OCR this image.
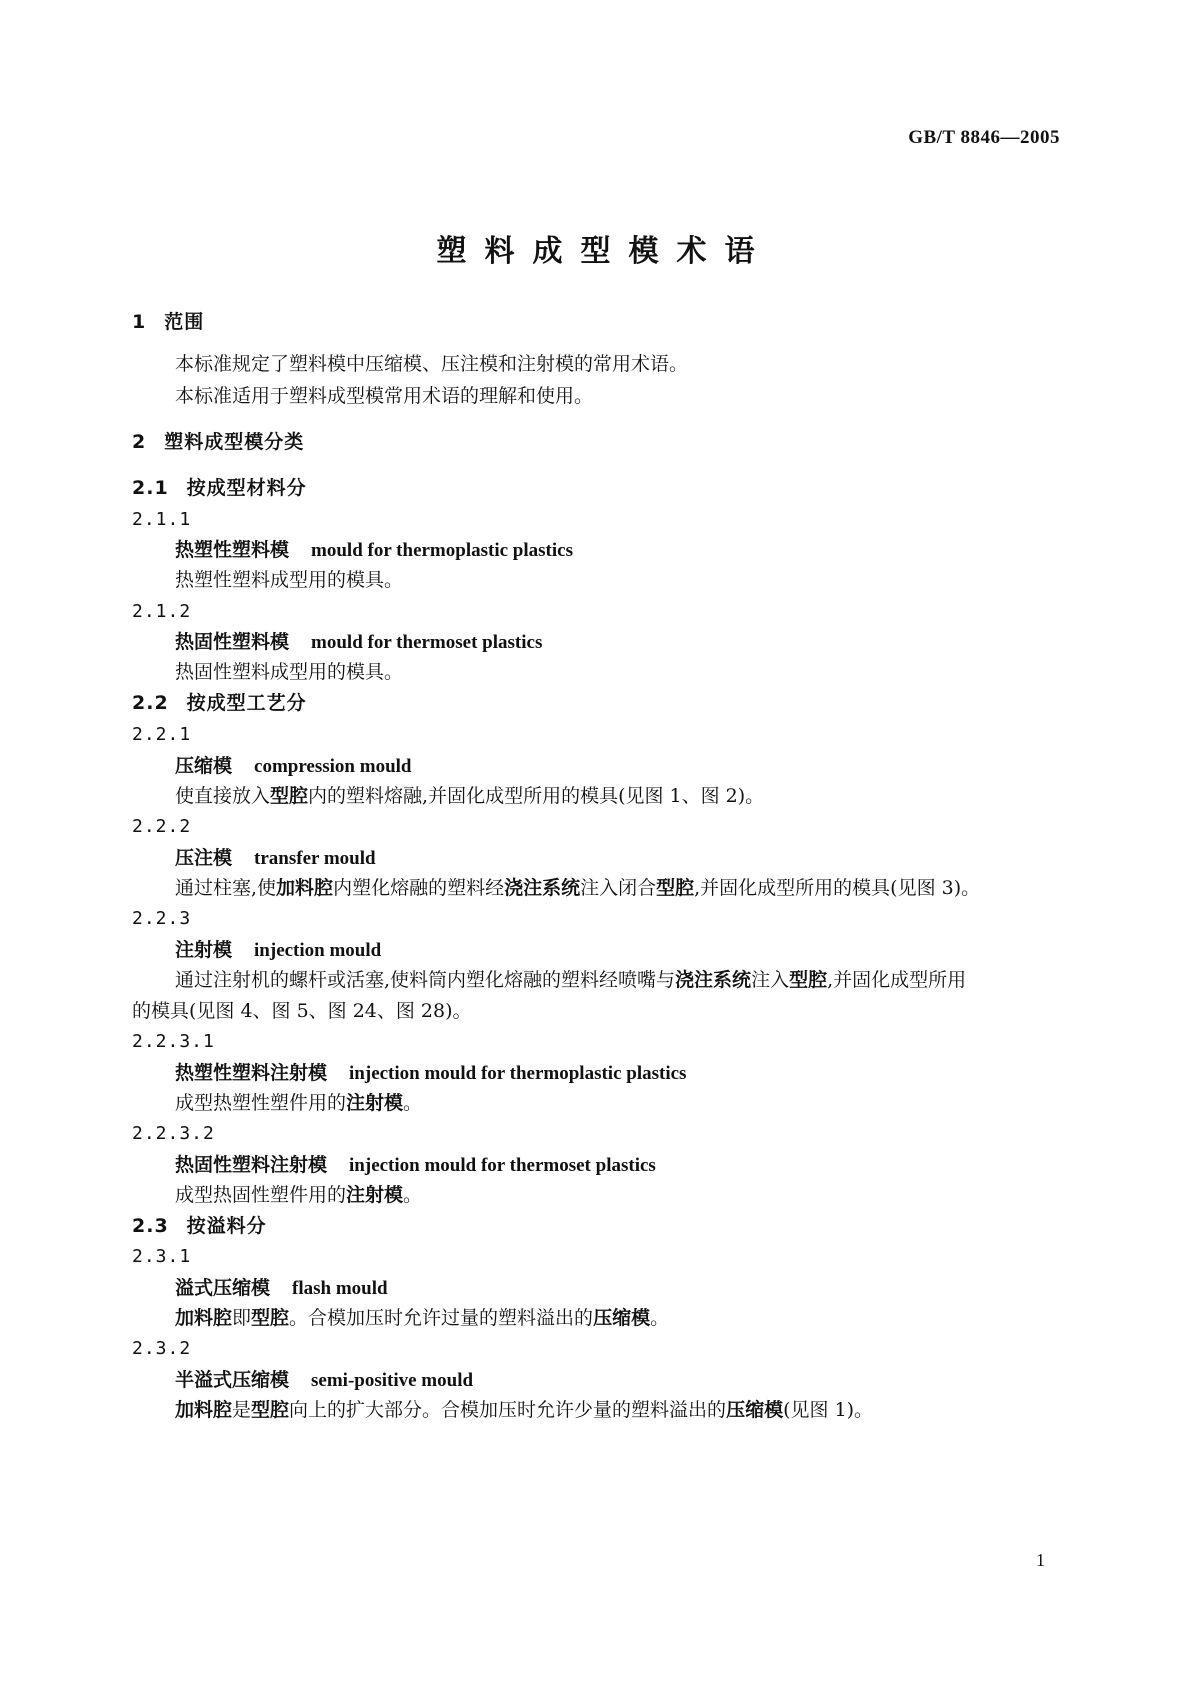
GB/T 8846—2005
塑料成型模术语
1 范围
本标准规定了塑料模中压缩模、压注模和注射模的常用术语。
本标准适用于塑料成型模常用术语的理解和使用。
2 塑料成型模分类
2.1 按成型材料分
2.1.1
热塑性塑料模 mould for thermoplastic plastics
热塑性塑料成型用的模具。
2.1.2
热固性塑料模 mould for thermoset plastics
热固性塑料成型用的模具。
2.2 按成型工艺分
2.2.1
压缩模 compression mould
使直接放入型腔内的塑料熔融,并固化成型所用的模具(见图 1、图 2)。
2.2.2
压注模 transfer mould
通过柱塞,使加料腔内塑化熔融的塑料经浇注系统注入闭合型腔,并固化成型所用的模具(见图 3)。
2.2.3
注射模 injection mould
通过注射机的螺杆或活塞,使料筒内塑化熔融的塑料经喷嘴与浇注系统注入型腔,并固化成型所用
的模具(见图 4、图 5、图 24、图 28)。
2.2.3.1
热塑性塑料注射模 injection mould for thermoplastic plastics
成型热塑性塑件用的注射模。
2.2.3.2
热固性塑料注射模 injection mould for thermoset plastics
成型热固性塑件用的注射模。
2.3 按溢料分
2.3.1
溢式压缩模 flash mould
加料腔即型腔。合模加压时允许过量的塑料溢出的压缩模。
2.3.2
半溢式压缩模 semi-positive mould
加料腔是型腔向上的扩大部分。合模加压时允许少量的塑料溢出的压缩模(见图 1)。
1
